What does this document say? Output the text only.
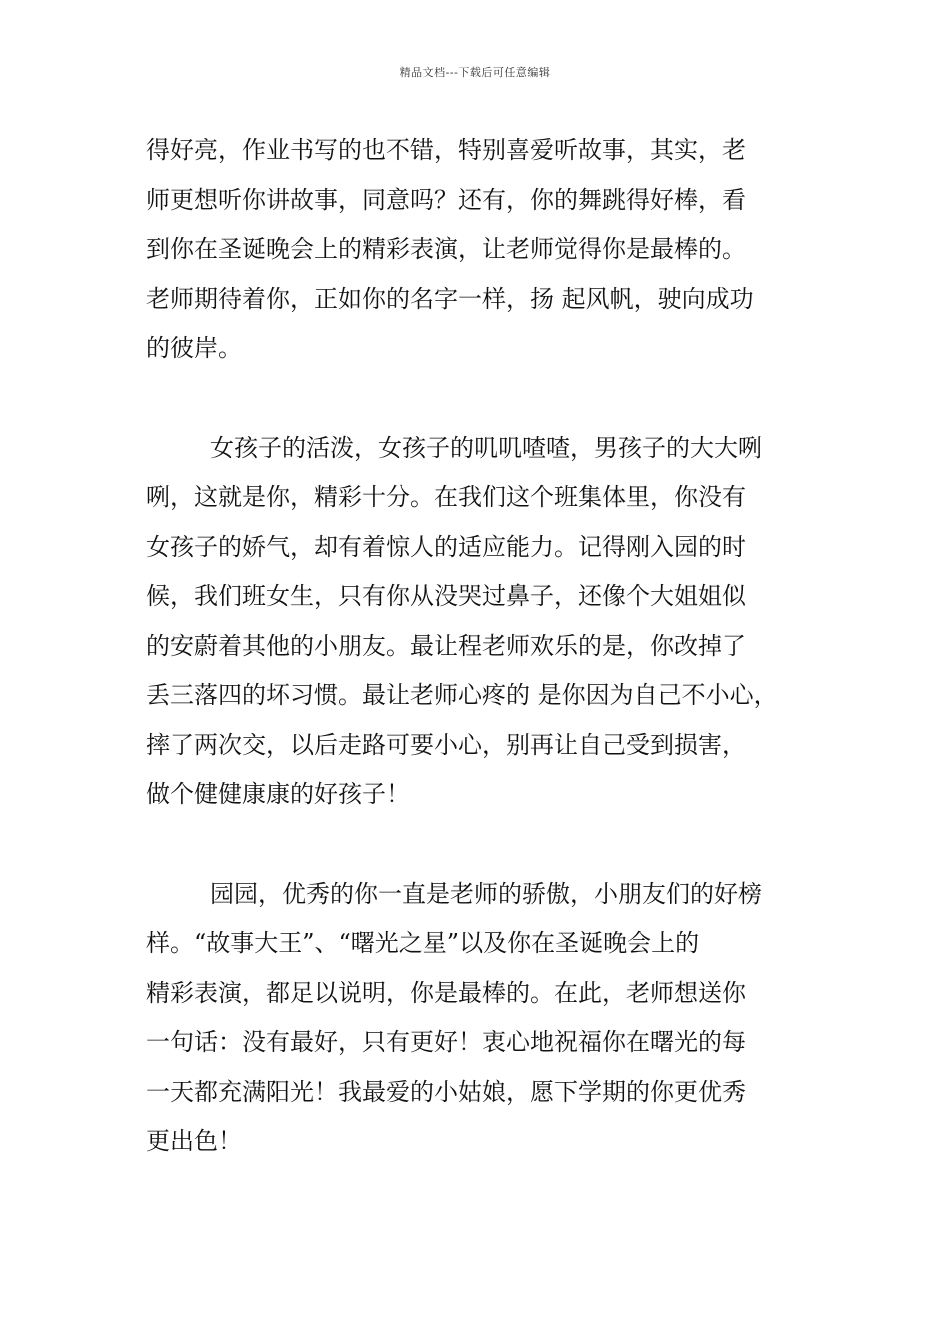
精品文档---下载后可任意编辑
得好亮，作业书写的也不错，特别喜爱听故事，其实，老
师更想听你讲故事，同意吗？还有，你的舞跳得好棒，看
到你在圣诞晚会上的精彩表演，让老师觉得你是最棒的。
老师期待着你，正如你的名字一样，扬 起风帆，驶向成功
的彼岸。
女孩子的活泼，女孩子的叽叽喳喳，男孩子的大大咧
咧，这就是你，精彩十分。在我们这个班集体里，你没有
女孩子的娇气，却有着惊人的适应能力。记得刚入园的时
候，我们班女生，只有你从没哭过鼻子，还像个大姐姐似
的安蔚着其他的小朋友。最让程老师欢乐的是，你改掉了
丢三落四的坏习惯。最让老师心疼的 是你因为自己不小心，
摔了两次交，以后走路可要小心，别再让自己受到损害，
做个健健康康的好孩子！
园园，优秀的你一直是老师的骄傲，小朋友们的好榜
样。“故事大王”、“曙光之星”以及你在圣诞晚会上的
精彩表演，都足以说明，你是最棒的。在此，老师想送你
一句话：没有最好，只有更好！衷心地祝福你在曙光的每
一天都充满阳光！我最爱的小姑娘，愿下学期的你更优秀
更出色！
